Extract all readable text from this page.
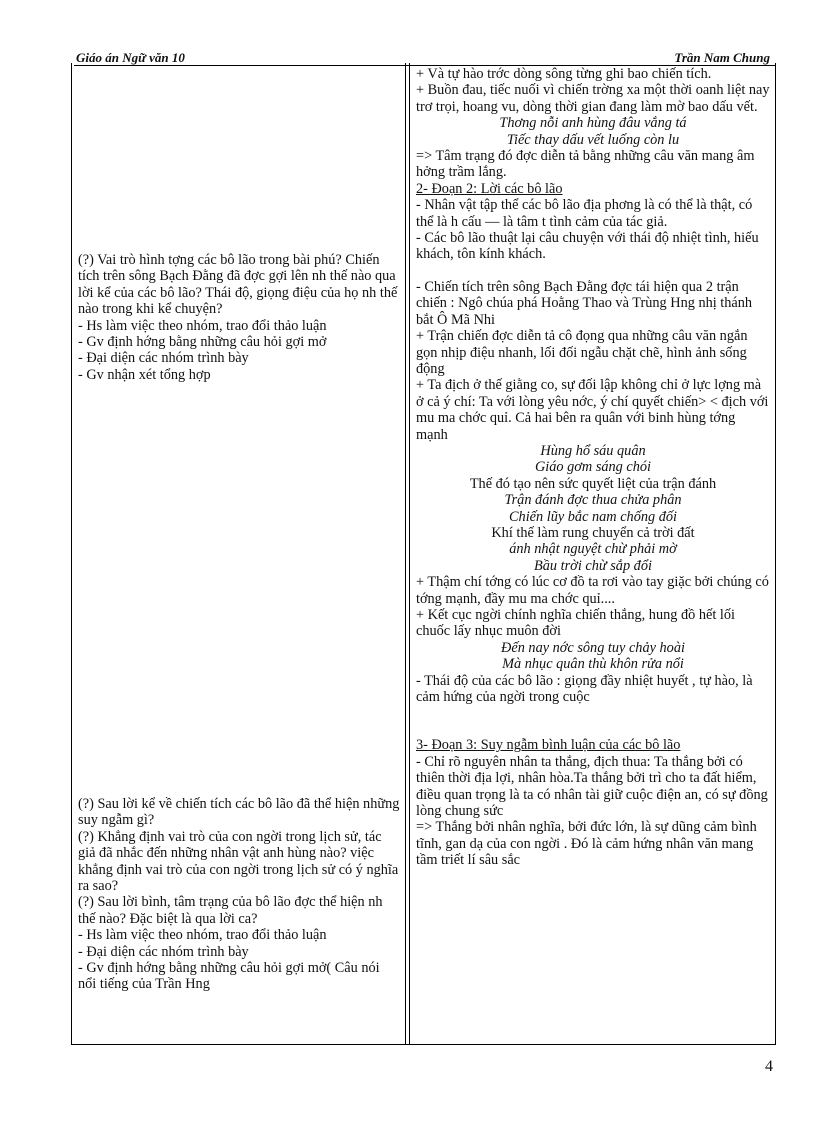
Giáo án Ngữ văn 10	Trần Nam Chung

(?) Vai trò hình tợng các bô lão trong bài phú? Chiến tích trên sông Bạch Đằng đã đợc gợi lên nh thế nào qua lời kể của các bô lão? Thái độ, giọng điệu của họ nh thế nào trong khi kể chuyện?

- Hs làm việc theo nhóm, trao đổi thảo luận

- Gv định hớng bằng những câu hỏi gợi mở

- Đại diện các nhóm trình bày

- Gv nhận xét tổng hợp

(?) Sau lời kể về chiến tích các bô lão đã thể hiện những suy ngẫm gì?

(?) Khẳng định vai trò của con ngời trong lịch sử, tác giả đã nhắc đến những nhân vật anh hùng nào? việc khẳng định vai trò của con ngời trong lịch sử có ý nghĩa ra sao?

(?) Sau lời bình, tâm trạng của bô lão đợc thể hiện nh thế nào? Đặc biệt là qua lời ca?

- Hs làm việc theo nhóm, trao đổi thảo luận

- Đại diện các nhóm trình bày

- Gv định hớng bằng những câu hỏi gợi mở( Câu nói nổi tiếng của Trần Hng

+ Và tự hào trớc dòng sông từng ghi bao chiến tích.

+ Buồn đau, tiếc nuối vì chiến trờng xa một thời oanh liệt nay trơ trọi, hoang vu, dòng thời gian đang làm mờ bao dấu vết.

Thơng nỗi anh hùng đâu vắng tá

Tiếc thay dấu vết luống còn lu

=> Tâm trạng đó đợc diễn tả bằng những câu văn mang âm hởng trầm lắng.

2- Đoạn 2: Lời các bô lão

- Nhân vật tập thể các bô lão địa phơng là có thể là thật, có thể là h cấu — là tâm t tình cảm của tác giả.

- Các bô lão thuật lại câu chuyện với thái độ nhiệt tình, hiếu khách, tôn kính khách.

- Chiến tích trên sông Bạch Đằng đợc tái hiện qua 2 trận chiến : Ngô chúa phá Hoằng Thao và Trùng Hng nhị thánh bắt Ô Mã Nhi

+ Trận chiến đợc diễn tả cô đọng qua những câu văn ngắn gọn nhịp điệu nhanh, lối đối ngẫu chặt chẽ, hình ảnh sống động

+ Ta địch ở thế giằng co, sự đối lập không chỉ ở lực lợng mà ở cả ý chí: Ta với lòng yêu nớc, ý chí quyết chiến> < địch với mu ma chớc quỉ. Cả hai bên ra quân với binh hùng tớng mạnh

Hùng hổ sáu quân

Giáo gơm sáng chói

Thế đó tạo nên sức quyết liệt của trận đánh

Trận đánh đợc thua chửa phân

Chiến lũy bắc nam chống đối

Khí thế làm rung chuyển cả trời đất

ánh nhật nguyệt chừ phải mờ

Bầu trời chừ sắp đổi

+ Thậm chí tớng có lúc cơ đồ ta rơi vào tay giặc bởi chúng có tớng mạnh, đầy mu ma chớc quỉ....

+ Kết cục ngời chính nghĩa chiến thắng, hung đồ hết lối chuốc lấy nhục muôn đời

Đến nay nớc sông tuy chảy hoài

Mà nhục quân thù khôn rửa nổi

- Thái độ của các bô lão : giọng đầy nhiệt huyết , tự hào, là cảm hứng của ngời trong cuộc

3- Đoạn 3: Suy ngẫm bình luận của các bô lão

- Chỉ rõ nguyên nhân ta thắng, địch thua: Ta thắng bởi có thiên thời địa lợi, nhân hòa.Ta thắng bởi trì cho ta đất hiểm, điều quan trọng là ta có nhân tài giữ cuộc điện an, có sự đồng lòng chung sức

=> Thắng bởi nhân nghĩa, bởi đức lớn, là sự dũng cảm bình tĩnh, gan dạ của con ngời . Đó là cảm hứng nhân văn mang tầm triết lí sâu sắc

4
